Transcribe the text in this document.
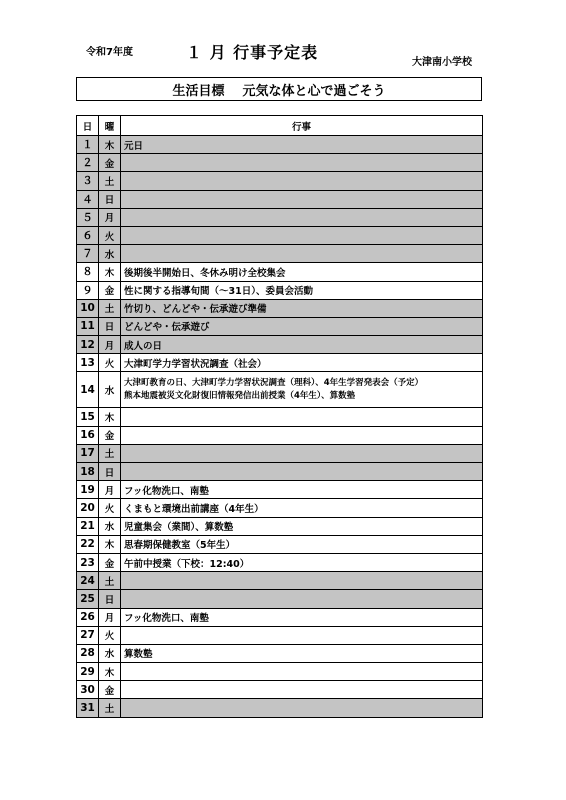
令和7年度	１ 月 行事予定表
大津南小学校
生活目標 元気な体と心で過ごそう
日	曜	行事
１	木	元日
２	金	
３	土	
４	日	
５	月	
６	火	
７	水	
８	木	後期後半開始日、冬休み明け全校集会
９	金	性に関する指導旬間（～31日）、委員会活動
10	土	竹切り、どんどや・伝承遊び準備
11	日	どんどや・伝承遊び
12	月	成人の日
13	火	大津町学力学習状況調査（社会）
14	水	大津町教育の日、大津町学力学習状況調査（理科）、4年生学習発表会（予定）
熊本地震被災文化財復旧情報発信出前授業（4年生）、算数塾

15	木	
16	金	
17	土	
18	日	
19	月	フッ化物洗口、南塾
20	火	くまもと環境出前講座（4年生）
21	水	児童集会（業間）、算数塾
22	木	思春期保健教室（5年生）
23	金	午前中授業（下校：12:40）
24	土	
25	日	
26	月	フッ化物洗口、南塾
27	火	
28	水	算数塾
29	木	
30	金	
31	土	
